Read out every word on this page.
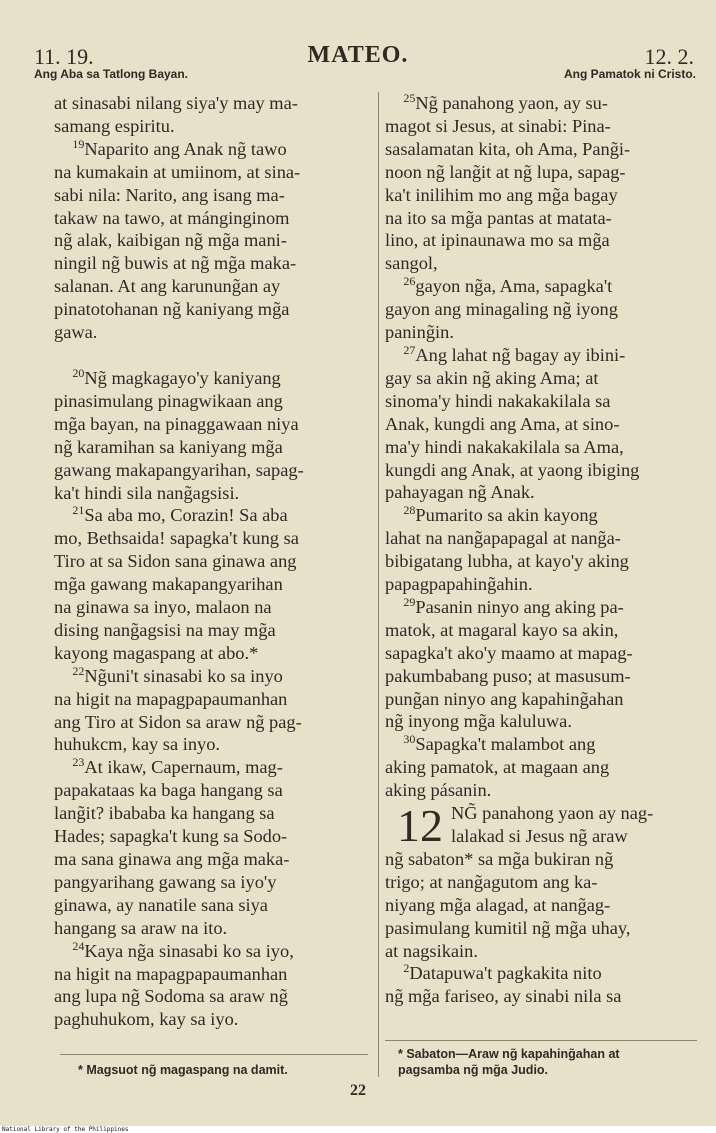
11. 19.	MATEO.	12. 2.
Ang Aba sa Tatlong Bayan.	Ang Pamatok ni Cristo.

at sinasabi nilang siya'y may ma-
samang espiritu.

 $^{19}$Naparito ang Anak ng̃ tawo
na kumakain at umiinom, at sina-
sabi nila: Narito, ang isang ma-
takaw na tawo, at mánginginom
ng̃ alak, kaibigan ng̃ mg̃a mani-
ningil ng̃ buwis at ng̃ mg̃a maka-
salanan. At ang karunung̃an ay
pinatotohanan ng̃ kaniyang mg̃a
gawa.

 $^{20}$Ng̃ magkagayo'y kaniyang
pinasimulang pinagwikaan ang
mg̃a bayan, na pinaggawaan niya
ng̃ karamihan sa kaniyang mg̃a
gawang makapangyarihan, sapag-
ka't hindi sila nang̃agsisi.

 $^{21}$Sa aba mo, Corazin! Sa aba
mo, Bethsaida! sapagka't kung sa
Tiro at sa Sidon sana ginawa ang
mg̃a gawang makapangyarihan
na ginawa sa inyo, malaon na
dising nang̃agsisi na may mg̃a
kayong magaspang at abo.*

 $^{22}$Ng̃uni't sinasabi ko sa inyo
na higit na mapagpapaumanhan
ang Tiro at Sidon sa araw ng̃ pag-
huhukcm, kay sa inyo.

 $^{23}$At ikaw, Capernaum, mag-
papakataas ka baga hangang sa
lang̃it? ibababa ka hangang sa
Hades; sapagka't kung sa Sodo-
ma sana ginawa ang mg̃a maka-
pangyarihang gawang sa iyo'y
ginawa, ay nanatile sana siya
hangang sa araw na ito.

 $^{24}$Kaya ng̃a sinasabi ko sa iyo,
na higit na mapagpapaumanhan
ang lupa ng̃ Sodoma sa araw ng̃
paghuhukom, kay sa iyo.

 $^{25}$Ng̃ panahong yaon, ay su-
magot si Jesus, at sinabi: Pina-
sasalamatan kita, oh Ama, Pang̃i-
noon ng̃ lang̃it at ng̃ lupa, sapag-
ka't inilihim mo ang mg̃a bagay
na ito sa mg̃a pantas at matata-
lino, at ipinaunawa mo sa mg̃a
sangol,

 $^{26}$gayon ng̃a, Ama, sapagka't
gayon ang minagaling ng̃ iyong
paning̃in.

 $^{27}$Ang lahat ng̃ bagay ay ibini-
gay sa akin ng̃ aking Ama; at
sinoma'y hindi nakakakilala sa
Anak, kungdi ang Ama, at sino-
ma'y hindi nakakakilala sa Ama,
kungdi ang Anak, at yaong ibiging
pahayagan ng̃ Anak.

 $^{28}$Pumarito sa akin kayong
lahat na nang̃apapagal at nang̃a-
bibigatang lubha, at kayo'y aking
papagpapahing̃ahin.

 $^{29}$Pasanin ninyo ang aking pa-
matok, at magaral kayo sa akin,
sapagka't ako'y maamo at mapag-
pakumbabang puso; at masusum-
pung̃an ninyo ang kapahing̃ahan
ng̃ inyong mg̃a kaluluwa.

 $^{30}$Sapagka't malambot ang
aking pamatok, at magaan ang
aking pásanin.

12 NG̃ panahong yaon ay nag-
lalakad si Jesus ng̃ araw
ng̃ sabaton* sa mg̃a bukiran ng̃
trigo; at nang̃agutom ang ka-
niyang mg̃a alagad, at nang̃ag-
pasimulang kumitil ng̃ mg̃a uhay,
at nagsikain.

 $^2$Datapuwa't pagkakita nito
ng̃ mg̃a fariseo, ay sinabi nila sa

* Magsuot ng̃ magaspang na damit.
* Sabaton—Araw ng̃ kapahing̃ahan at
pagsamba ng̃ mg̃a Judio.
22
National Library of the Philippines
